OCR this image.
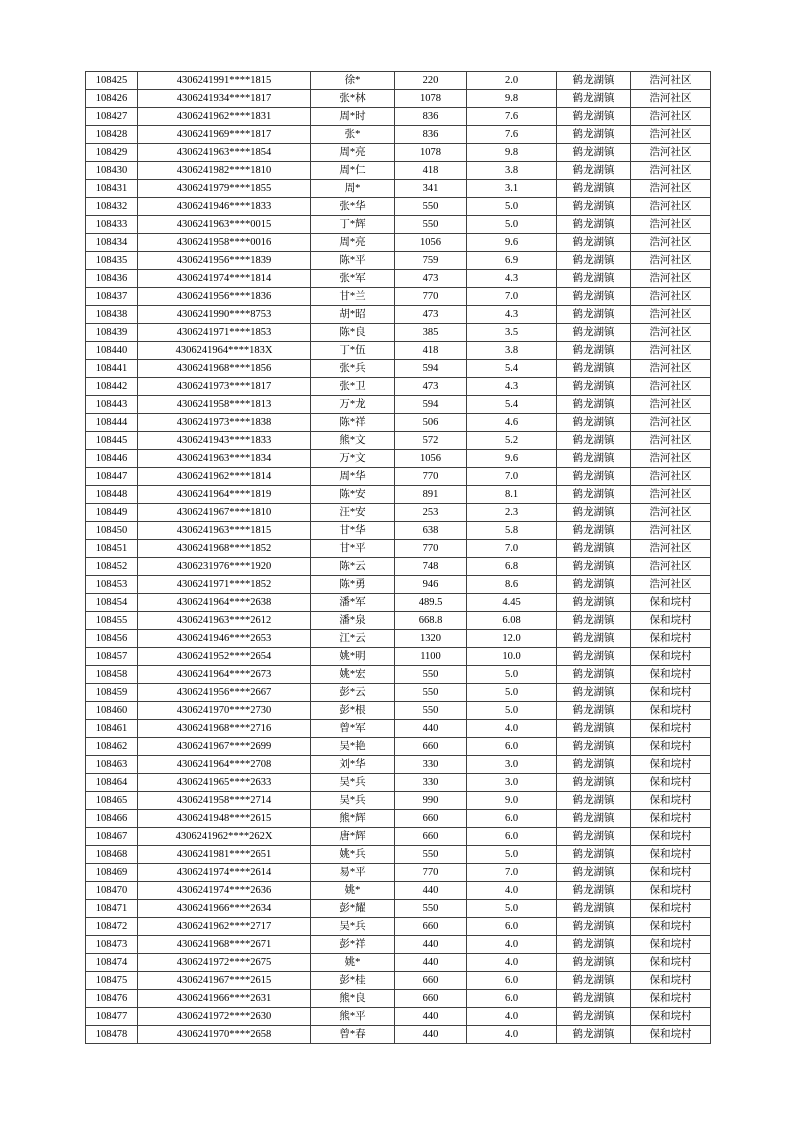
108425	4306241991****1815	徐*	220	2.0	鹤龙湖镇	浩河社区
108426	4306241934****1817	张*林	1078	9.8	鹤龙湖镇	浩河社区
108427	4306241962****1831	周*时	836	7.6	鹤龙湖镇	浩河社区
108428	4306241969****1817	张*	836	7.6	鹤龙湖镇	浩河社区
108429	4306241963****1854	周*亮	1078	9.8	鹤龙湖镇	浩河社区
108430	4306241982****1810	周*仁	418	3.8	鹤龙湖镇	浩河社区
108431	4306241979****1855	周*	341	3.1	鹤龙湖镇	浩河社区
108432	4306241946****1833	张*华	550	5.0	鹤龙湖镇	浩河社区
108433	4306241963****0015	丁*辉	550	5.0	鹤龙湖镇	浩河社区
108434	4306241958****0016	周*亮	1056	9.6	鹤龙湖镇	浩河社区
108435	4306241956****1839	陈*平	759	6.9	鹤龙湖镇	浩河社区
108436	4306241974****1814	张*军	473	4.3	鹤龙湖镇	浩河社区
108437	4306241956****1836	甘*兰	770	7.0	鹤龙湖镇	浩河社区
108438	4306241990****8753	胡*昭	473	4.3	鹤龙湖镇	浩河社区
108439	4306241971****1853	陈*良	385	3.5	鹤龙湖镇	浩河社区
108440	4306241964****183X	丁*伍	418	3.8	鹤龙湖镇	浩河社区
108441	4306241968****1856	张*兵	594	5.4	鹤龙湖镇	浩河社区
108442	4306241973****1817	张*卫	473	4.3	鹤龙湖镇	浩河社区
108443	4306241958****1813	万*龙	594	5.4	鹤龙湖镇	浩河社区
108444	4306241973****1838	陈*祥	506	4.6	鹤龙湖镇	浩河社区
108445	4306241943****1833	熊*文	572	5.2	鹤龙湖镇	浩河社区
108446	4306241963****1834	万*文	1056	9.6	鹤龙湖镇	浩河社区
108447	4306241962****1814	周*华	770	7.0	鹤龙湖镇	浩河社区
108448	4306241964****1819	陈*安	891	8.1	鹤龙湖镇	浩河社区
108449	4306241967****1810	汪*安	253	2.3	鹤龙湖镇	浩河社区
108450	4306241963****1815	甘*华	638	5.8	鹤龙湖镇	浩河社区
108451	4306241968****1852	甘*平	770	7.0	鹤龙湖镇	浩河社区
108452	4306231976****1920	陈*云	748	6.8	鹤龙湖镇	浩河社区
108453	4306241971****1852	陈*勇	946	8.6	鹤龙湖镇	浩河社区
108454	4306241964****2638	潘*军	489.5	4.45	鹤龙湖镇	保和垸村
108455	4306241963****2612	潘*泉	668.8	6.08	鹤龙湖镇	保和垸村
108456	4306241946****2653	江*云	1320	12.0	鹤龙湖镇	保和垸村
108457	4306241952****2654	姚*明	1100	10.0	鹤龙湖镇	保和垸村
108458	4306241964****2673	姚*宏	550	5.0	鹤龙湖镇	保和垸村
108459	4306241956****2667	彭*云	550	5.0	鹤龙湖镇	保和垸村
108460	4306241970****2730	彭*根	550	5.0	鹤龙湖镇	保和垸村
108461	4306241968****2716	曾*军	440	4.0	鹤龙湖镇	保和垸村
108462	4306241967****2699	吴*艳	660	6.0	鹤龙湖镇	保和垸村
108463	4306241964****2708	刘*华	330	3.0	鹤龙湖镇	保和垸村
108464	4306241965****2633	吴*兵	330	3.0	鹤龙湖镇	保和垸村
108465	4306241958****2714	吴*兵	990	9.0	鹤龙湖镇	保和垸村
108466	4306241948****2615	熊*辉	660	6.0	鹤龙湖镇	保和垸村
108467	4306241962****262X	唐*辉	660	6.0	鹤龙湖镇	保和垸村
108468	4306241981****2651	姚*兵	550	5.0	鹤龙湖镇	保和垸村
108469	4306241974****2614	易*平	770	7.0	鹤龙湖镇	保和垸村
108470	4306241974****2636	姚*	440	4.0	鹤龙湖镇	保和垸村
108471	4306241966****2634	彭*耀	550	5.0	鹤龙湖镇	保和垸村
108472	4306241962****2717	吴*兵	660	6.0	鹤龙湖镇	保和垸村
108473	4306241968****2671	彭*祥	440	4.0	鹤龙湖镇	保和垸村
108474	4306241972****2675	姚*	440	4.0	鹤龙湖镇	保和垸村
108475	4306241967****2615	彭*桂	660	6.0	鹤龙湖镇	保和垸村
108476	4306241966****2631	熊*良	660	6.0	鹤龙湖镇	保和垸村
108477	4306241972****2630	熊*平	440	4.0	鹤龙湖镇	保和垸村
108478	4306241970****2658	曾*春	440	4.0	鹤龙湖镇	保和垸村
